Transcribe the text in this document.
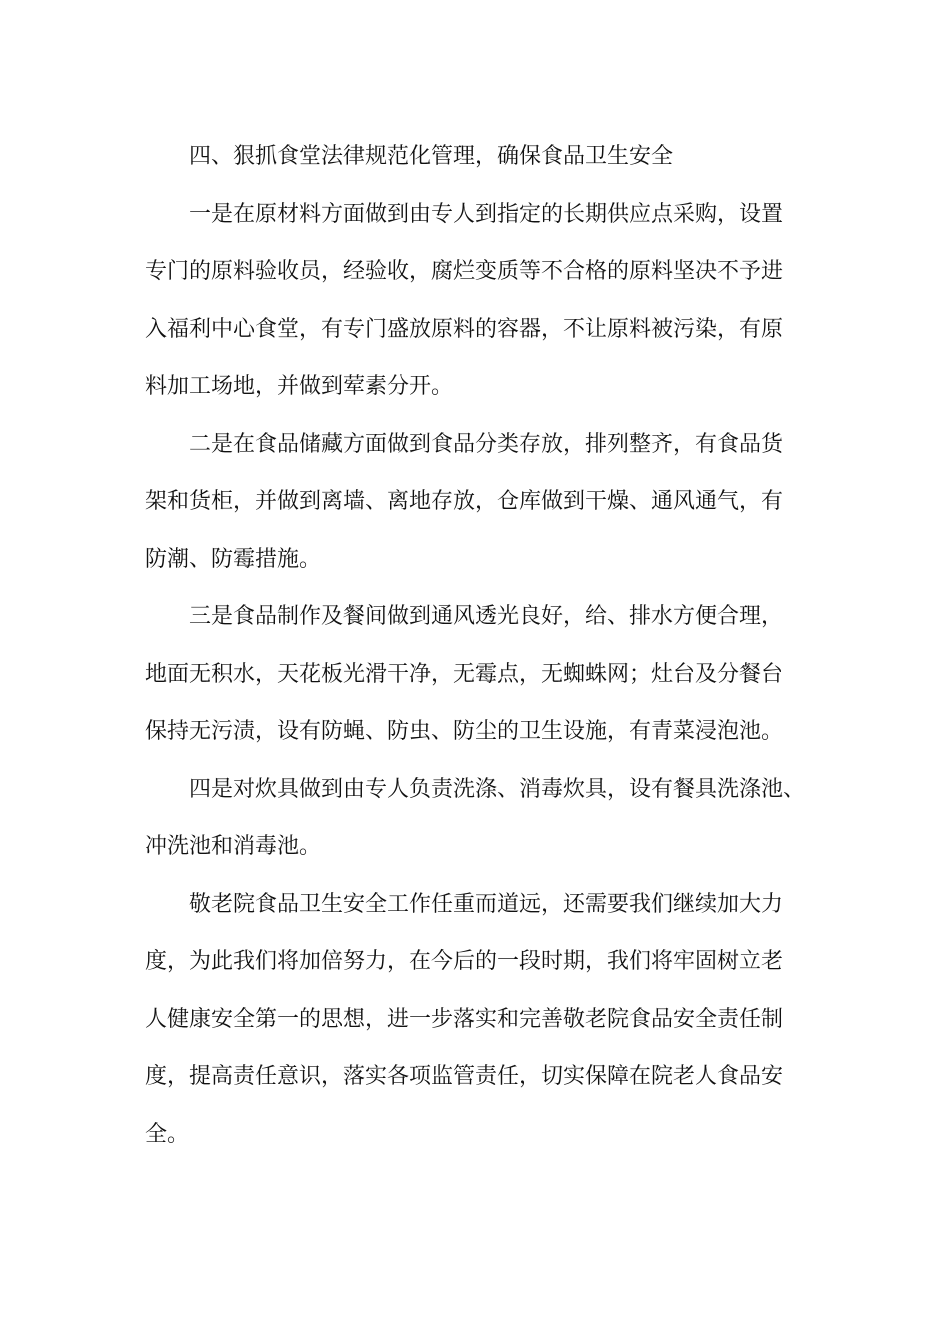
四、狠抓食堂法律规范化管理，确保食品卫生安全
一是在原材料方面做到由专人到指定的长期供应点采购，设置
专门的原料验收员，经验收，腐烂变质等不合格的原料坚决不予进
入福利中心食堂，有专门盛放原料的容器，不让原料被污染，有原
料加工场地，并做到荤素分开。
二是在食品储藏方面做到食品分类存放，排列整齐，有食品货
架和货柜，并做到离墙、离地存放，仓库做到干燥、通风通气，有
防潮、防霉措施。
三是食品制作及餐间做到通风透光良好，给、排水方便合理，
地面无积水，天花板光滑干净，无霉点，无蜘蛛网；灶台及分餐台
保持无污渍，设有防蝇、防虫、防尘的卫生设施，有青菜浸泡池。
四是对炊具做到由专人负责洗涤、消毒炊具，设有餐具洗涤池、
冲洗池和消毒池。
敬老院食品卫生安全工作任重而道远，还需要我们继续加大力
度，为此我们将加倍努力，在今后的一段时期，我们将牢固树立老
人健康安全第一的思想，进一步落实和完善敬老院食品安全责任制
度，提高责任意识，落实各项监管责任，切实保障在院老人食品安
全。
